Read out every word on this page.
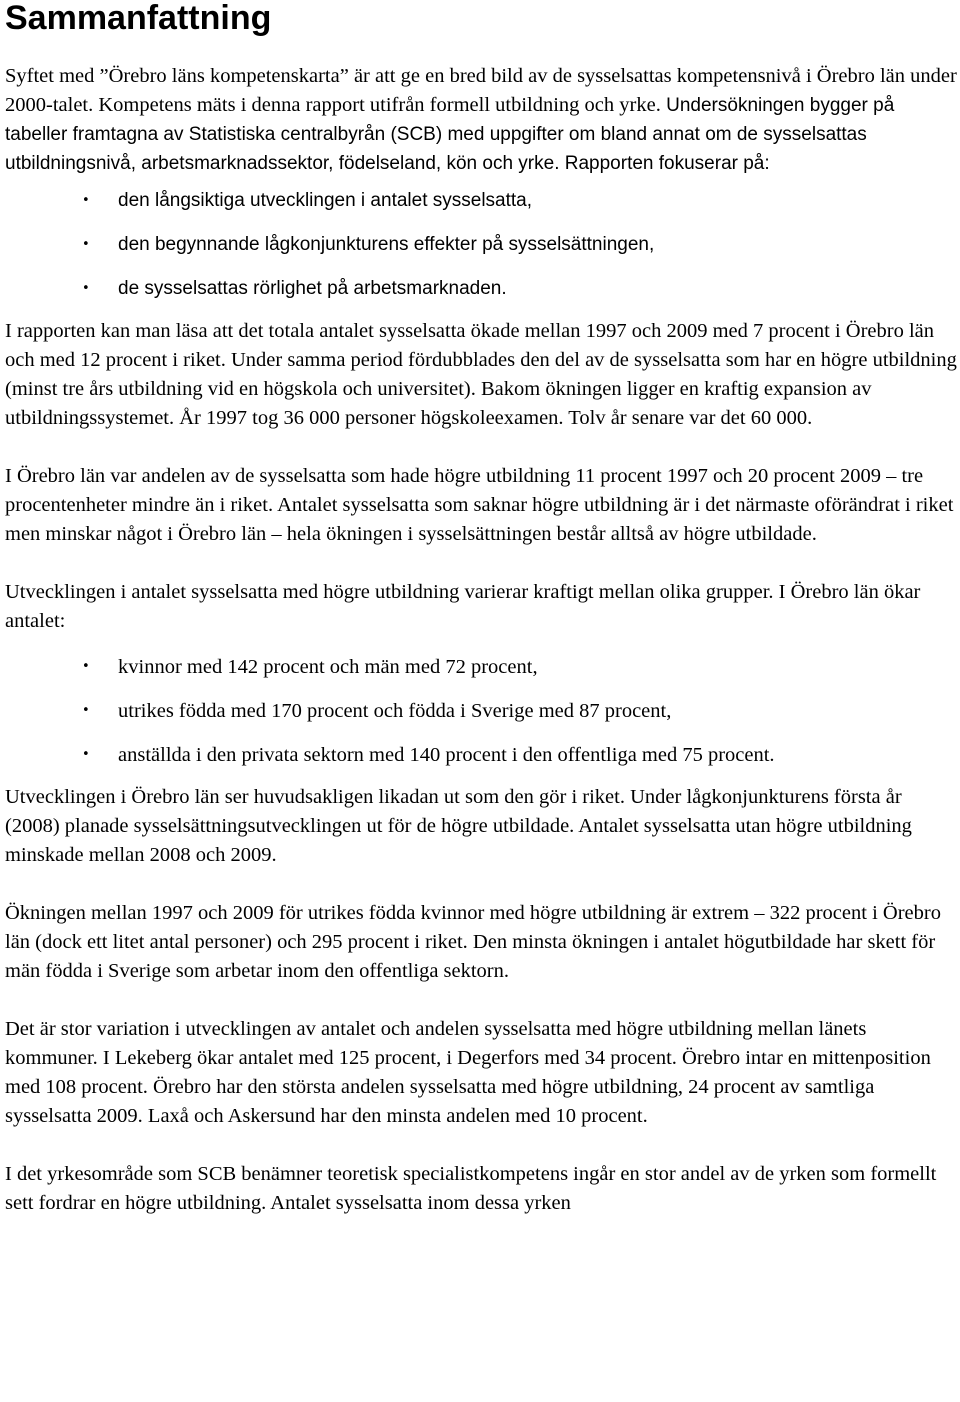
Sammanfattning

Syftet med ”Örebro läns kompetenskarta” är att ge en bred bild av de sysselsattas kompetensnivå i Örebro län under 2000-talet. Kompetens mäts i denna rapport utifrån formell utbildning och yrke. Undersökningen bygger på tabeller framtagna av Statistiska centralbyrån (SCB) med uppgifter om bland annat om de sysselsattas utbildningsnivå, arbetsmarknadssektor, födelseland, kön och yrke. Rapporten fokuserar på:

• den långsiktiga utvecklingen i antalet sysselsatta,
• den begynnande lågkonjunkturens effekter på sysselsättningen,
• de sysselsattas rörlighet på arbetsmarknaden.

I rapporten kan man läsa att det totala antalet sysselsatta ökade mellan 1997 och 2009 med 7 procent i Örebro län och med 12 procent i riket. Under samma period fördubblades den del av de sysselsatta som har en högre utbildning (minst tre års utbildning vid en högskola och universitet). Bakom ökningen ligger en kraftig expansion av utbildningssystemet. År 1997 tog 36 000 personer högskoleexamen. Tolv år senare var det 60 000.

I Örebro län var andelen av de sysselsatta som hade högre utbildning 11 procent 1997 och 20 procent 2009 – tre procentenheter mindre än i riket. Antalet sysselsatta som saknar högre utbildning är i det närmaste oförändrat i riket men minskar något i Örebro län – hela ökningen i sysselsättningen består alltså av högre utbildade.

Utvecklingen i antalet sysselsatta med högre utbildning varierar kraftigt mellan olika grupper. I Örebro län ökar antalet:

• kvinnor med 142 procent och män med 72 procent,
• utrikes födda med 170 procent och födda i Sverige med 87 procent,
• anställda i den privata sektorn med 140 procent i den offentliga med 75 procent.

Utvecklingen i Örebro län ser huvudsakligen likadan ut som den gör i riket. Under lågkonjunkturens första år (2008) planade sysselsättningsutvecklingen ut för de högre utbildade. Antalet sysselsatta utan högre utbildning minskade mellan 2008 och 2009.

Ökningen mellan 1997 och 2009 för utrikes födda kvinnor med högre utbildning är extrem – 322 procent i Örebro län (dock ett litet antal personer) och 295 procent i riket. Den minsta ökningen i antalet högutbildade har skett för män födda i Sverige som arbetar inom den offentliga sektorn.

Det är stor variation i utvecklingen av antalet och andelen sysselsatta med högre utbildning mellan länets kommuner. I Lekeberg ökar antalet med 125 procent, i Degerfors med 34 procent. Örebro intar en mittenposition med 108 procent. Örebro har den största andelen sysselsatta med högre utbildning, 24 procent av samtliga sysselsatta 2009. Laxå och Askersund har den minsta andelen med 10 procent.

I det yrkesområde som SCB benämner teoretisk specialistkompetens ingår en stor andel av de yrken som formellt sett fordrar en högre utbildning. Antalet sysselsatta inom dessa yrken
